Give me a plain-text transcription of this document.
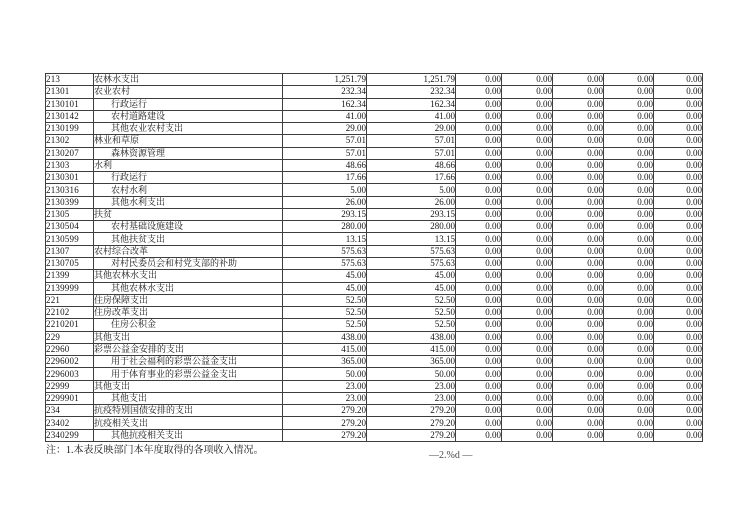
213	农林水支出	1,251.79	1,251.79	0.00	0.00	0.00	0.00	0.00
21301	农业农村	232.34	232.34	0.00	0.00	0.00	0.00	0.00
2130101	行政运行	162.34	162.34	0.00	0.00	0.00	0.00	0.00
2130142	农村道路建设	41.00	41.00	0.00	0.00	0.00	0.00	0.00
2130199	其他农业农村支出	29.00	29.00	0.00	0.00	0.00	0.00	0.00
21302	林业和草原	57.01	57.01	0.00	0.00	0.00	0.00	0.00
2130207	森林资源管理	57.01	57.01	0.00	0.00	0.00	0.00	0.00
21303	水利	48.66	48.66	0.00	0.00	0.00	0.00	0.00
2130301	行政运行	17.66	17.66	0.00	0.00	0.00	0.00	0.00
2130316	农村水利	5.00	5.00	0.00	0.00	0.00	0.00	0.00
2130399	其他水利支出	26.00	26.00	0.00	0.00	0.00	0.00	0.00
21305	扶贫	293.15	293.15	0.00	0.00	0.00	0.00	0.00
2130504	农村基础设施建设	280.00	280.00	0.00	0.00	0.00	0.00	0.00
2130599	其他扶贫支出	13.15	13.15	0.00	0.00	0.00	0.00	0.00
21307	农村综合改革	575.63	575.63	0.00	0.00	0.00	0.00	0.00
2130705	对村民委员会和村党支部的补助	575.63	575.63	0.00	0.00	0.00	0.00	0.00
21399	其他农林水支出	45.00	45.00	0.00	0.00	0.00	0.00	0.00
2139999	其他农林水支出	45.00	45.00	0.00	0.00	0.00	0.00	0.00
221	住房保障支出	52.50	52.50	0.00	0.00	0.00	0.00	0.00
22102	住房改革支出	52.50	52.50	0.00	0.00	0.00	0.00	0.00
2210201	住房公积金	52.50	52.50	0.00	0.00	0.00	0.00	0.00
229	其他支出	438.00	438.00	0.00	0.00	0.00	0.00	0.00
22960	彩票公益金安排的支出	415.00	415.00	0.00	0.00	0.00	0.00	0.00
2296002	用于社会福利的彩票公益金支出	365.00	365.00	0.00	0.00	0.00	0.00	0.00
2296003	用于体育事业的彩票公益金支出	50.00	50.00	0.00	0.00	0.00	0.00	0.00
22999	其他支出	23.00	23.00	0.00	0.00	0.00	0.00	0.00
2299901	其他支出	23.00	23.00	0.00	0.00	0.00	0.00	0.00
234	抗疫特别国债安排的支出	279.20	279.20	0.00	0.00	0.00	0.00	0.00
23402	抗疫相关支出	279.20	279.20	0.00	0.00	0.00	0.00	0.00
2340299	其他抗疫相关支出	279.20	279.20	0.00	0.00	0.00	0.00	0.00
注：1.本表反映部门本年度取得的各项收入情况。	—2.%d —
